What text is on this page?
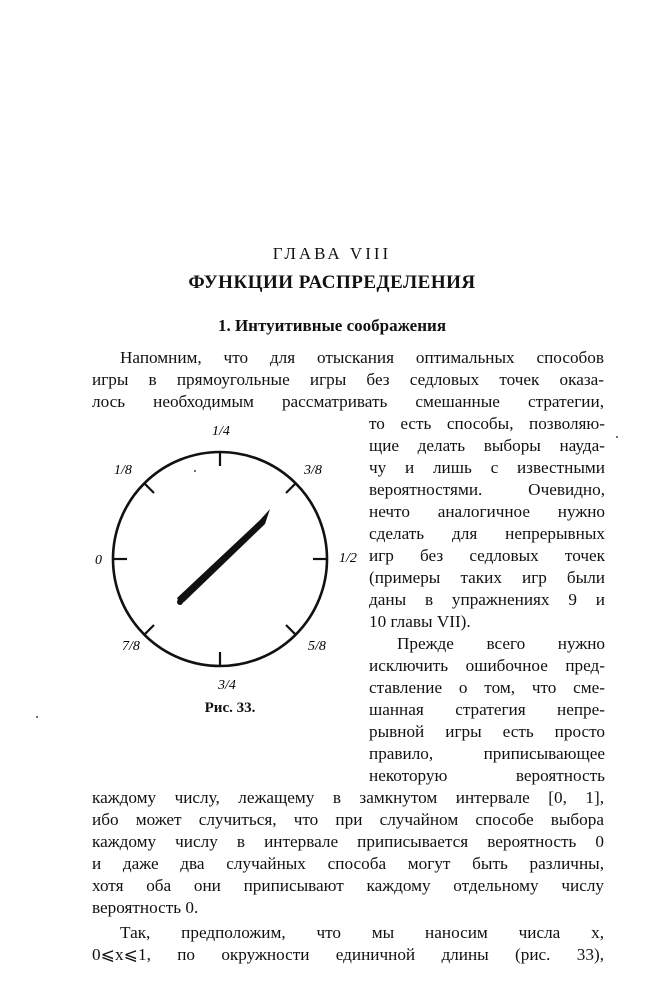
ГЛАВА VIII
ФУНКЦИИ РАСПРЕДЕЛЕНИЯ
1. Интуитивные соображения
Напомним, что для отыскания оптимальных способов
игры в прямоугольные игры без седловых точек оказа-
лось необходимым рассматривать смешанные стратегии,
то есть способы, позволяю-
щие делать выборы науда-
чу и лишь с известными
вероятностями. Очевидно,
нечто аналогичное нужно
сделать для непрерывных
игр без седловых точек
(примеры таких игр были
даны в упражнениях 9 и
10 главы VII).
Прежде всего нужно
исключить ошибочное пред-
ставление о том, что сме-
шанная стратегия непре-
рывной игры есть просто
правило, приписывающее
некоторую вероятность
каждому числу, лежащему в замкнутом интервале [0, 1],
ибо может случиться, что при случайном способе выбора
каждому числу в интервале приписывается вероятность 0
и даже два случайных способа могут быть различны,
хотя оба они приписывают каждому отдельному числу
вероятность 0.
Так, предположим, что мы наносим числа x,
0⩽x⩽1, по окружности единичной длины (рис. 33),
1/4
1/8	3/8
0	1/2
7/8	5/8
3/4
Рис. 33.
